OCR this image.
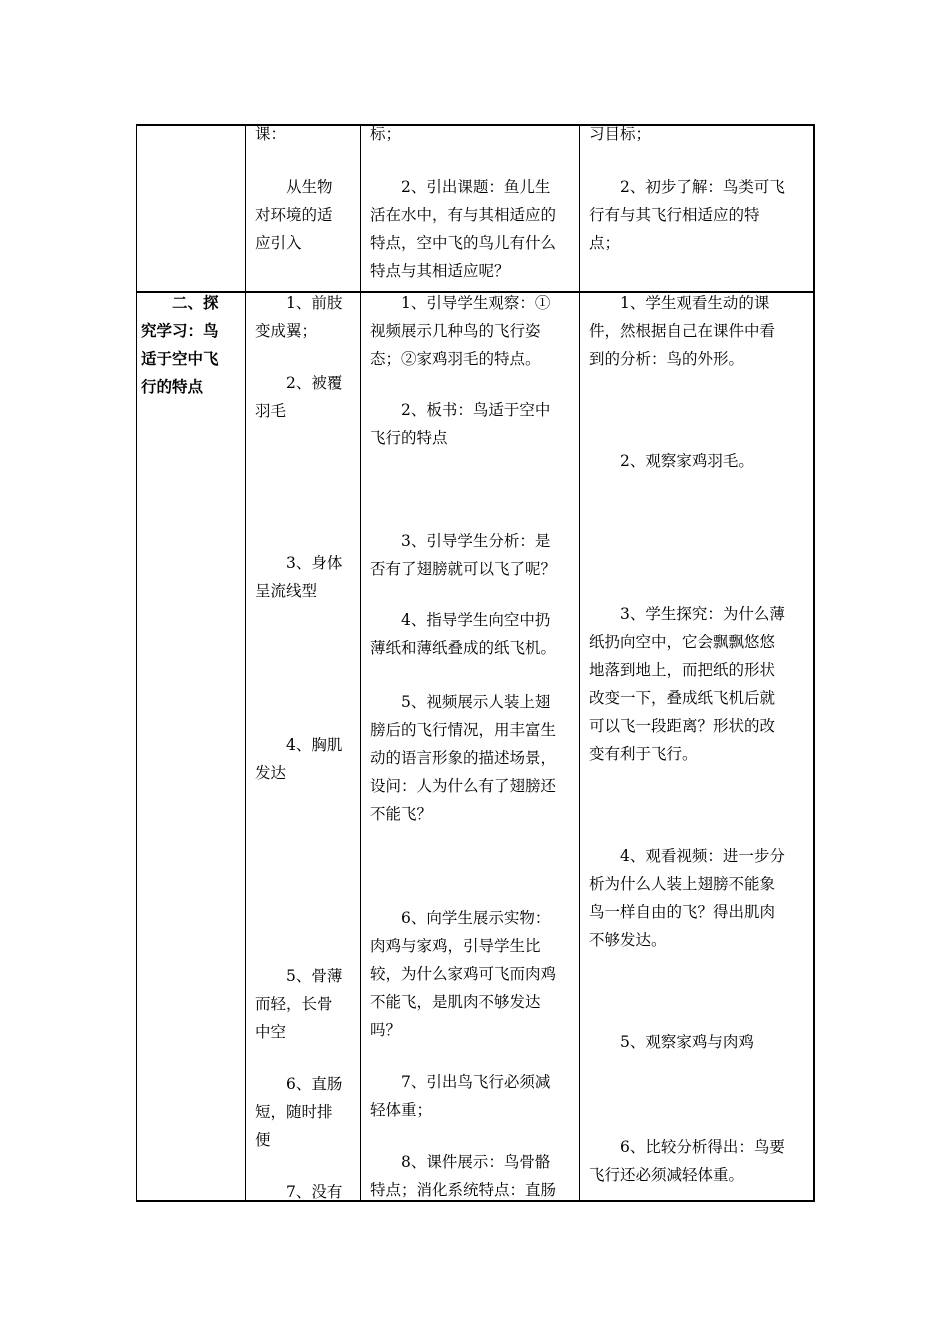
课：

从生物

对环境的适

应引入

标；

2、引出课题：鱼儿生

活在水中，有与其相适应的

特点，空中飞的鸟儿有什么

特点与其相适应呢？

习目标；

2、初步了解：鸟类可飞

行有与其飞行相适应的特

点；

二、探

究学习：鸟

适于空中飞

行的特点

1、前肢

变成翼；

2、被覆

羽毛

3、身体

呈流线型

4、胸肌

发达

5、骨薄

而轻，长骨

中空

6、直肠

短，随时排

便

7、没有

1、引导学生观察：①

视频展示几种鸟的飞行姿

态；②家鸡羽毛的特点。

2、板书：鸟适于空中

飞行的特点

3、引导学生分析：是

否有了翅膀就可以飞了呢？

4、指导学生向空中扔

薄纸和薄纸叠成的纸飞机。

5、视频展示人装上翅

膀后的飞行情况，用丰富生

动的语言形象的描述场景，

设问：人为什么有了翅膀还

不能飞？

6、向学生展示实物：

肉鸡与家鸡，引导学生比

较，为什么家鸡可飞而肉鸡

不能飞，是肌肉不够发达

吗？

7、引出鸟飞行必须减

轻体重；

8、课件展示：鸟骨骼

特点；消化系统特点：直肠

1、学生观看生动的课

件，然根据自己在课件中看

到的分析：鸟的外形。

2、观察家鸡羽毛。

3、学生探究：为什么薄

纸扔向空中，它会飘飘悠悠

地落到地上，而把纸的形状

改变一下，叠成纸飞机后就

可以飞一段距离？形状的改

变有利于飞行。

4、观看视频：进一步分

析为什么人装上翅膀不能象

鸟一样自由的飞？得出肌肉

不够发达。

5、观察家鸡与肉鸡

6、比较分析得出：鸟要

飞行还必须减轻体重。
